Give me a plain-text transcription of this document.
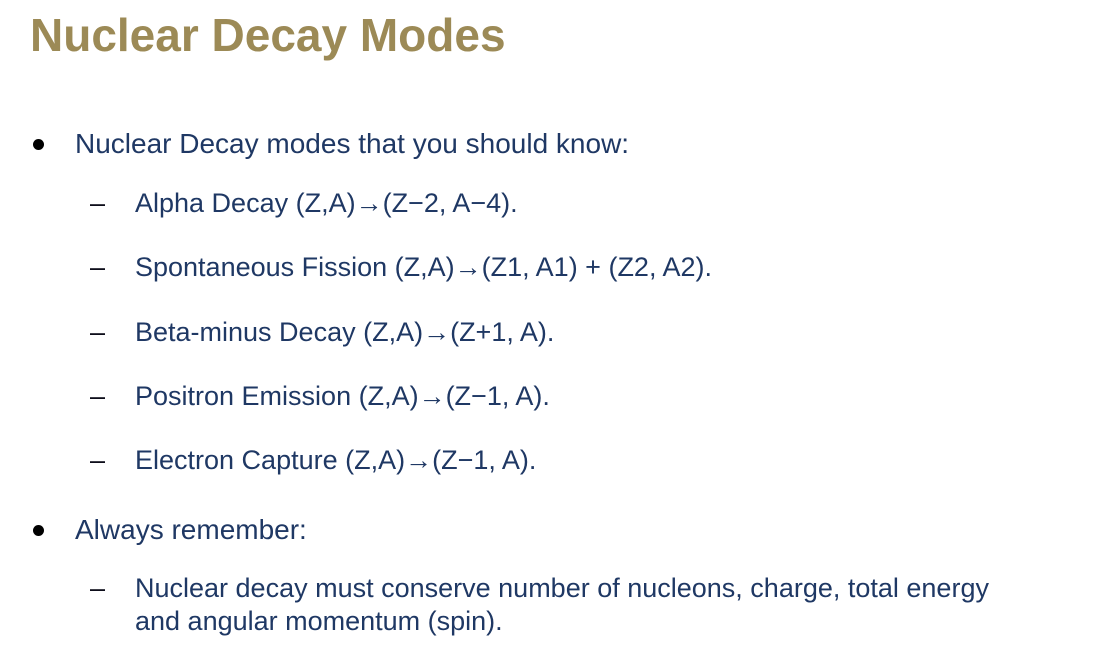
Nuclear Decay Modes
Nuclear Decay modes that you should know:
–	Alpha Decay (Z,A)→(Z−2, A−4).
–	Spontaneous Fission (Z,A)→(Z1, A1) + (Z2, A2).
–	Beta-minus Decay (Z,A)→(Z+1, A).
–	Positron Emission (Z,A)→(Z−1, A).
–	Electron Capture (Z,A)→(Z−1, A).
Always remember:
–	Nuclear decay must conserve number of nucleons, charge, total energy and angular momentum (spin).
